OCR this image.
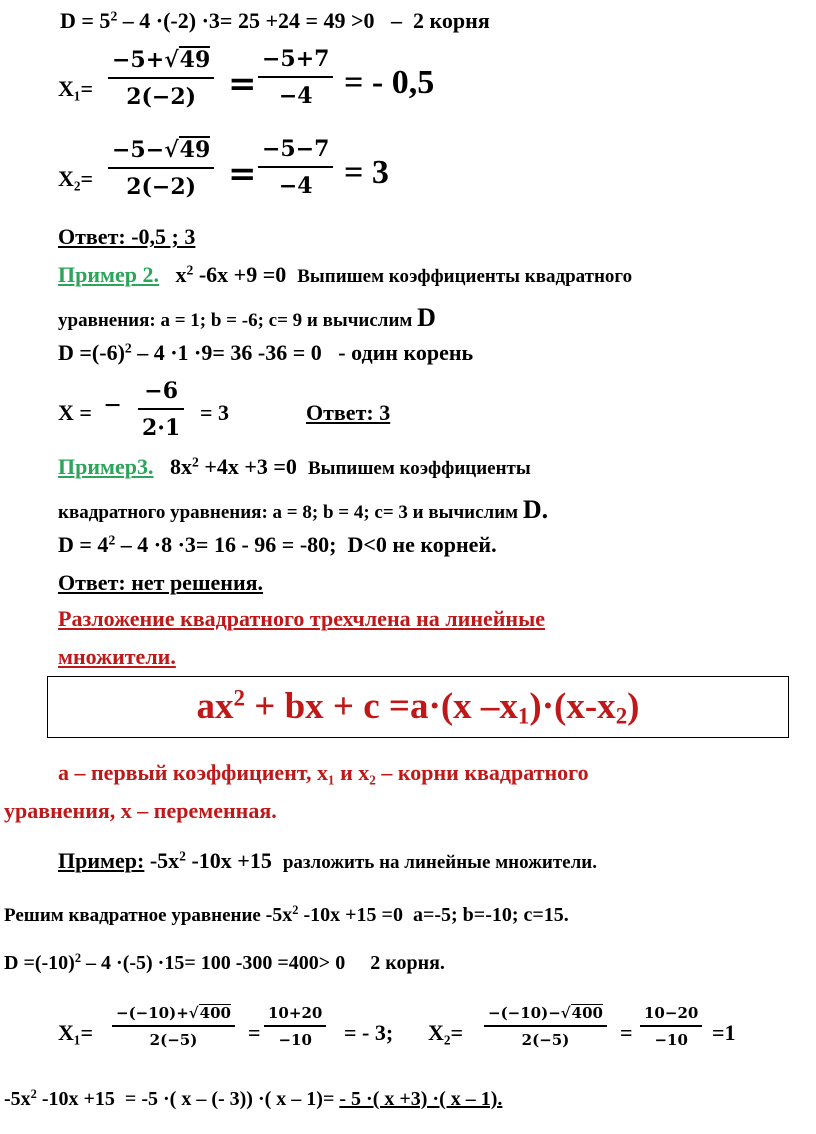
$D = 5^2 - 4 \cdot(-2) \cdot 3= 25 +24 = 49 >0 - 2$ корня
X₁=
−5+√49
2(−2) =
−5+7
−4 = - 0,5
X₂=
−5−√49
2(−2) =
−5−7
−4 = 3
Ответ: -0,5 ; 3
Пример 2. $x^2$ -6x +9 =0 Выпишем коэффициенты квадратного
уравнения: a = 1; b = -6; c= 9 и вычислим D
$D =(-6)^2 - 4 \cdot 1 \cdot 9= 36$ -36 = 0   - один корень
X = − −6
2·1
= 3	Ответ: 3
Пример3. $8x^2 +4x +3 =0$ Выпишем коэффициенты
квадратного уравнения: a = 8; b = 4; c= 3 и вычислим D.
$D = 4^2 - 4 \cdot 8 \cdot 3= 16 - 96 = -80$;  D<0 не корней.
Ответ: нет решения.
Разложение квадратного трехчлена на линейные
множители.
$ax^2$ + bx + c =a·(x $-x_1)\cdot(x-x_2)$
а – первый коэффициент, x₁ и x₂ – корни квадратного
уравнения, x – переменная.
Пример: $-5x^2$ -10x +15 разложить на линейные множители.
Решим квадратное уравнение $-5x^2$ -10x +15 =0  a=-5; b=-10; c=15.
$D =(-10)^2 - 4 \cdot(-5) \cdot 15= 100$ -300 =400> 0     2 корня.
X₁=
−(−10)+√400
2(−5) =
10+20
−10 = - 3; X₂=
−(−10)−√400
2(−5) =
10−20
−10 =1
$-5x^2$ -10x +15  = -5 ·( x – (- 3)) ·( x – 1)= - 5 ·( x +3) ·( x – 1).
